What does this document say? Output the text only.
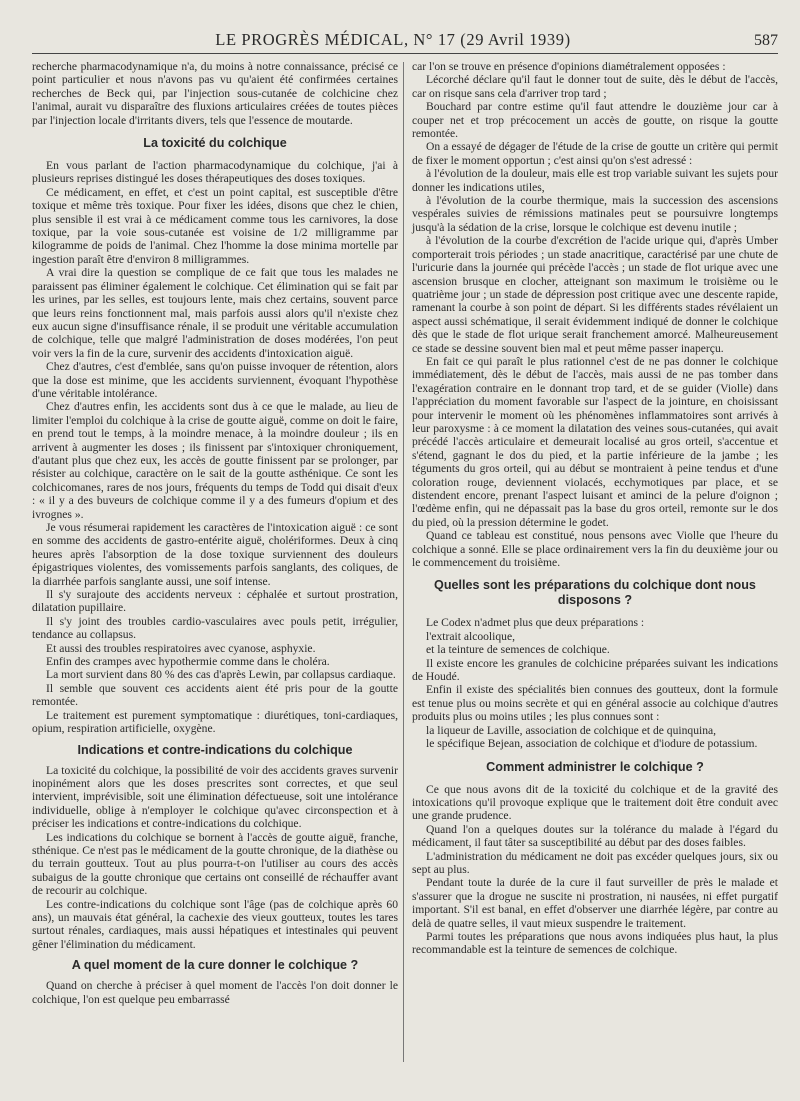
LE PROGRÈS MÉDICAL, N° 17 (29 Avril 1939)	587

recherche pharmacodynamique n'a, du moins à notre connaissance, précisé ce point particulier et nous n'avons pas vu qu'aient été confirmées certaines recherches de Beck qui, par l'injection sous-cutanée de colchicine chez l'animal, aurait vu disparaître des fluxions articulaires créées de toutes pièces par l'injection locale d'irritants divers, tels que l'essence de moutarde.

La toxicité du colchique

En vous parlant de l'action pharmacodynamique du colchique, j'ai à plusieurs reprises distingué les doses thérapeutiques des doses toxiques.

Ce médicament, en effet, et c'est un point capital, est susceptible d'être toxique et même très toxique. Pour fixer les idées, disons que chez le chien, plus sensible il est vrai à ce médicament comme tous les carnivores, la dose toxique, par la voie sous-cutanée est voisine de 1/2 milligramme par kilogramme de poids de l'animal. Chez l'homme la dose minima mortelle par ingestion paraît être d'environ 8 milligrammes.

A vrai dire la question se complique de ce fait que tous les malades ne paraissent pas éliminer également le colchique. Cet élimination qui se fait par les urines, par les selles, est toujours lente, mais chez certains, souvent parce que leurs reins fonctionnent mal, mais parfois aussi alors qu'il n'existe chez eux aucun signe d'insuffisance rénale, il se produit une véritable accumulation de colchique, telle que malgré l'administration de doses modérées, l'on peut voir vers la fin de la cure, survenir des accidents d'intoxication aiguë.

Chez d'autres, c'est d'emblée, sans qu'on puisse invoquer de rétention, alors que la dose est minime, que les accidents surviennent, évoquant l'hypothèse d'une véritable intolérance.

Chez d'autres enfin, les accidents sont dus à ce que le malade, au lieu de limiter l'emploi du colchique à la crise de goutte aiguë, comme on doit le faire, en prend tout le temps, à la moindre menace, à la moindre douleur ; ils en arrivent à augmenter les doses ; ils finissent par s'intoxiquer chroniquement, d'autant plus que chez eux, les accès de goutte finissent par se prolonger, par résister au colchique, caractère on le sait de la goutte asthénique. Ce sont les colchicomanes, rares de nos jours, fréquents du temps de Todd qui disait d'eux : « il y a des buveurs de colchique comme il y a des fumeurs d'opium et des ivrognes ».

Je vous résumerai rapidement les caractères de l'intoxication aiguë : ce sont en somme des accidents de gastro-entérite aiguë, cholériformes. Deux à cinq heures après l'absorption de la dose toxique surviennent des douleurs épigastriques violentes, des vomissements parfois sanglants, des coliques, de la diarrhée parfois sanglante aussi, une soif intense.

Il s'y surajoute des accidents nerveux : céphalée et surtout prostration, dilatation pupillaire.

Il s'y joint des troubles cardio-vasculaires avec pouls petit, irrégulier, tendance au collapsus.

Et aussi des troubles respiratoires avec cyanose, asphyxie.

Enfin des crampes avec hypothermie comme dans le choléra.

La mort survient dans 80 % des cas d'après Lewin, par collapsus cardiaque.

Il semble que souvent ces accidents aient été pris pour de la goutte remontée.

Le traitement est purement symptomatique : diurétiques, toni-cardiaques, opium, respiration artificielle, oxygène.

Indications et contre-indications du colchique

La toxicité du colchique, la possibilité de voir des accidents graves survenir inopinément alors que les doses prescrites sont correctes, et que seul intervient, imprévisible, soit une élimination défectueuse, soit une intolérance individuelle, oblige à n'employer le colchique qu'avec circonspection et à préciser les indications et contre-indications du colchique.

Les indications du colchique se bornent à l'accès de goutte aiguë, franche, sthénique. Ce n'est pas le médicament de la goutte chronique, de la diathèse ou du terrain goutteux. Tout au plus pourra-t-on l'utiliser au cours des accès subaigus de la goutte chronique que certains ont conseillé de réchauffer avant de recourir au colchique.

Les contre-indications du colchique sont l'âge (pas de colchique après 60 ans), un mauvais état général, la cachexie des vieux goutteux, toutes les tares surtout rénales, cardiaques, mais aussi hépatiques et intestinales qui peuvent gêner l'élimination du médicament.

A quel moment de la cure donner le colchique ?

Quand on cherche à préciser à quel moment de l'accès l'on doit donner le colchique, l'on est quelque peu embarrassé

car l'on se trouve en présence d'opinions diamétralement opposées :

Lécorché déclare qu'il faut le donner tout de suite, dès le début de l'accès, car on risque sans cela d'arriver trop tard ;

Bouchard par contre estime qu'il faut attendre le douzième jour car à couper net et trop précocement un accès de goutte, on risque la goutte remontée.

On a essayé de dégager de l'étude de la crise de goutte un critère qui permit de fixer le moment opportun ; c'est ainsi qu'on s'est adressé :

à l'évolution de la douleur, mais elle est trop variable suivant les sujets pour donner les indications utiles,

à l'évolution de la courbe thermique, mais la succession des ascensions vespérales suivies de rémissions matinales peut se poursuivre longtemps jusqu'à la sédation de la crise, lorsque le colchique est devenu inutile ;

à l'évolution de la courbe d'excrétion de l'acide urique qui, d'après Umber comporterait trois périodes ; un stade anacritique, caractérisé par une chute de l'uricurie dans la journée qui précède l'accès ; un stade de flot urique avec une ascension brusque en clocher, atteignant son maximum le troisième ou le quatrième jour ; un stade de dépression post critique avec une descente rapide, ramenant la courbe à son point de départ. Si les différents stades révélaient un aspect aussi schématique, il serait évidemment indiqué de donner le colchique dès que le stade de flot urique serait franchement amorcé. Malheureusement ce stade se dessine souvent bien mal et peut même passer inaperçu.

En fait ce qui paraît le plus rationnel c'est de ne pas donner le colchique immédiatement, dès le début de l'accès, mais aussi de ne pas tomber dans l'exagération contraire en le donnant trop tard, et de se guider (Violle) dans l'appréciation du moment favorable sur l'aspect de la jointure, en choisissant pour intervenir le moment où les phénomènes inflammatoires sont arrivés à leur paroxysme : à ce moment la dilatation des veines sous-cutanées, qui avait précédé l'accès articulaire et demeurait localisé au gros orteil, s'accentue et s'étend, gagnant le dos du pied, et la partie inférieure de la jambe ; les téguments du gros orteil, qui au début se montraient à peine tendus et d'une coloration rouge, deviennent violacés, ecchymotiques par place, et se distendent encore, prenant l'aspect luisant et aminci de la pelure d'oignon ; l'œdème enfin, qui ne dépassait pas la base du gros orteil, remonte sur le dos du pied, où la pression détermine le godet.

Quand ce tableau est constitué, nous pensons avec Violle que l'heure du colchique a sonné. Elle se place ordinairement vers la fin du deuxième jour ou le commencement du troisième.

Quelles sont les préparations du colchique dont nous disposons ?

Le Codex n'admet plus que deux préparations :

l'extrait alcoolique,

et la teinture de semences de colchique.

Il existe encore les granules de colchicine préparées suivant les indications de Houdé.

Enfin il existe des spécialités bien connues des goutteux, dont la formule est tenue plus ou moins secrète et qui en général associe au colchique d'autres produits plus ou moins utiles ; les plus connues sont :

la liqueur de Laville, association de colchique et de quinquina,

le spécifique Bejean, association de colchique et d'iodure de potassium.

Comment administrer le colchique ?

Ce que nous avons dit de la toxicité du colchique et de la gravité des intoxications qu'il provoque explique que le traitement doit être conduit avec une grande prudence.

Quand l'on a quelques doutes sur la tolérance du malade à l'égard du médicament, il faut tâter sa susceptibilité au début par des doses faibles.

L'administration du médicament ne doit pas excéder quelques jours, six ou sept au plus.

Pendant toute la durée de la cure il faut surveiller de près le malade et s'assurer que la drogue ne suscite ni prostration, ni nausées, ni effet purgatif important. S'il est banal, en effet d'observer une diarrhée légère, par contre au delà de quatre selles, il vaut mieux suspendre le traitement.

Parmi toutes les préparations que nous avons indiquées plus haut, la plus recommandable est la teinture de semences de colchique.
